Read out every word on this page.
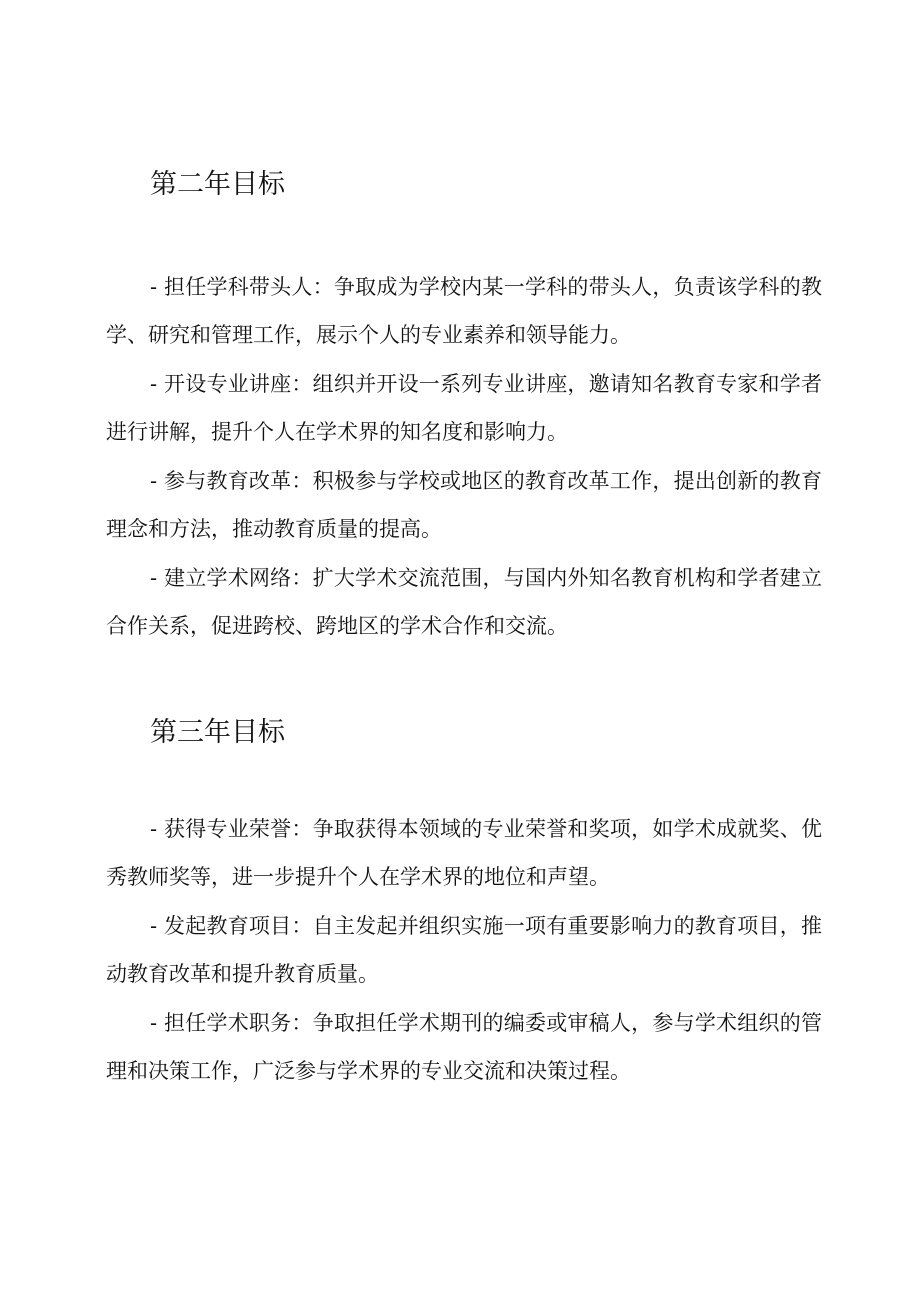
第二年目标

- 担任学科带头人：争取成为学校内某一学科的带头人，负责该学科的教学、研究和管理工作，展示个人的专业素养和领导能力。

- 开设专业讲座：组织并开设一系列专业讲座，邀请知名教育专家和学者进行讲解，提升个人在学术界的知名度和影响力。

- 参与教育改革：积极参与学校或地区的教育改革工作，提出创新的教育理念和方法，推动教育质量的提高。

- 建立学术网络：扩大学术交流范围，与国内外知名教育机构和学者建立合作关系，促进跨校、跨地区的学术合作和交流。

第三年目标

- 获得专业荣誉：争取获得本领域的专业荣誉和奖项，如学术成就奖、优秀教师奖等，进一步提升个人在学术界的地位和声望。

- 发起教育项目：自主发起并组织实施一项有重要影响力的教育项目，推动教育改革和提升教育质量。

- 担任学术职务：争取担任学术期刊的编委或审稿人，参与学术组织的管理和决策工作，广泛参与学术界的专业交流和决策过程。
